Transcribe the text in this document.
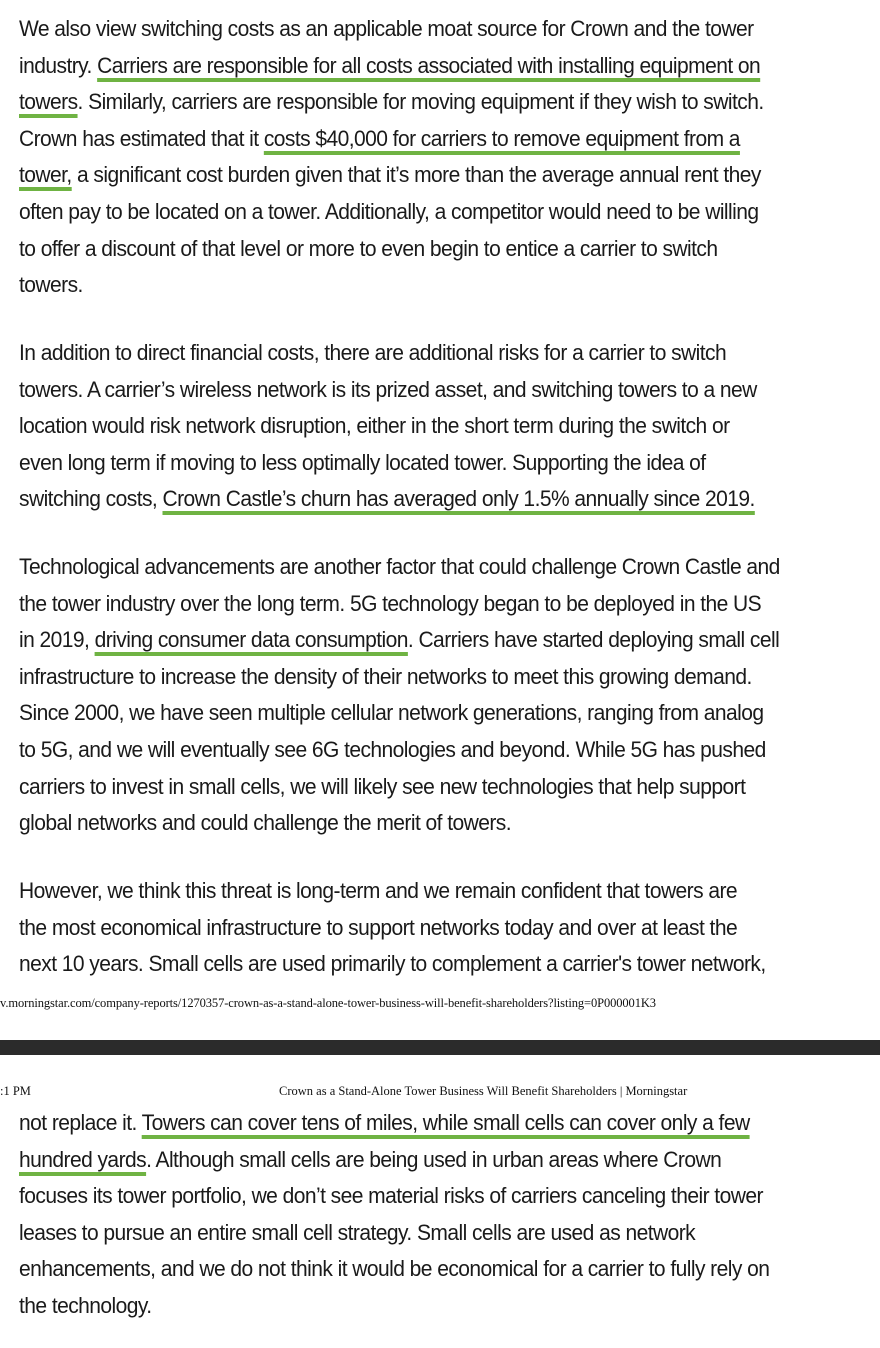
We also view switching costs as an applicable moat source for Crown and the tower
industry. Carriers are responsible for all costs associated with installing equipment on
towers. Similarly, carriers are responsible for moving equipment if they wish to switch.
Crown has estimated that it costs $40,000 for carriers to remove equipment from a
tower, a significant cost burden given that it’s more than the average annual rent they
often pay to be located on a tower. Additionally, a competitor would need to be willing
to offer a discount of that level or more to even begin to entice a carrier to switch
towers.
In addition to direct financial costs, there are additional risks for a carrier to switch
towers. A carrier’s wireless network is its prized asset, and switching towers to a new
location would risk network disruption, either in the short term during the switch or
even long term if moving to less optimally located tower. Supporting the idea of
switching costs, Crown Castle’s churn has averaged only 1.5% annually since 2019.
Technological advancements are another factor that could challenge Crown Castle and
the tower industry over the long term. 5G technology began to be deployed in the US
in 2019, driving consumer data consumption. Carriers have started deploying small cell
infrastructure to increase the density of their networks to meet this growing demand.
Since 2000, we have seen multiple cellular network generations, ranging from analog
to 5G, and we will eventually see 6G technologies and beyond. While 5G has pushed
carriers to invest in small cells, we will likely see new technologies that help support
global networks and could challenge the merit of towers.
However, we think this threat is long-term and we remain confident that towers are
the most economical infrastructure to support networks today and over at least the
next 10 years. Small cells are used primarily to complement a carrier's tower network,
v.morningstar.com/company-reports/1270357-crown-as-a-stand-alone-tower-business-will-benefit-shareholders?listing=0P000001K3
:1 PM	Crown as a Stand-Alone Tower Business Will Benefit Shareholders | Morningstar
not replace it. Towers can cover tens of miles, while small cells can cover only a few
hundred yards. Although small cells are being used in urban areas where Crown
focuses its tower portfolio, we don’t see material risks of carriers canceling their tower
leases to pursue an entire small cell strategy. Small cells are used as network
enhancements, and we do not think it would be economical for a carrier to fully rely on
the technology.
